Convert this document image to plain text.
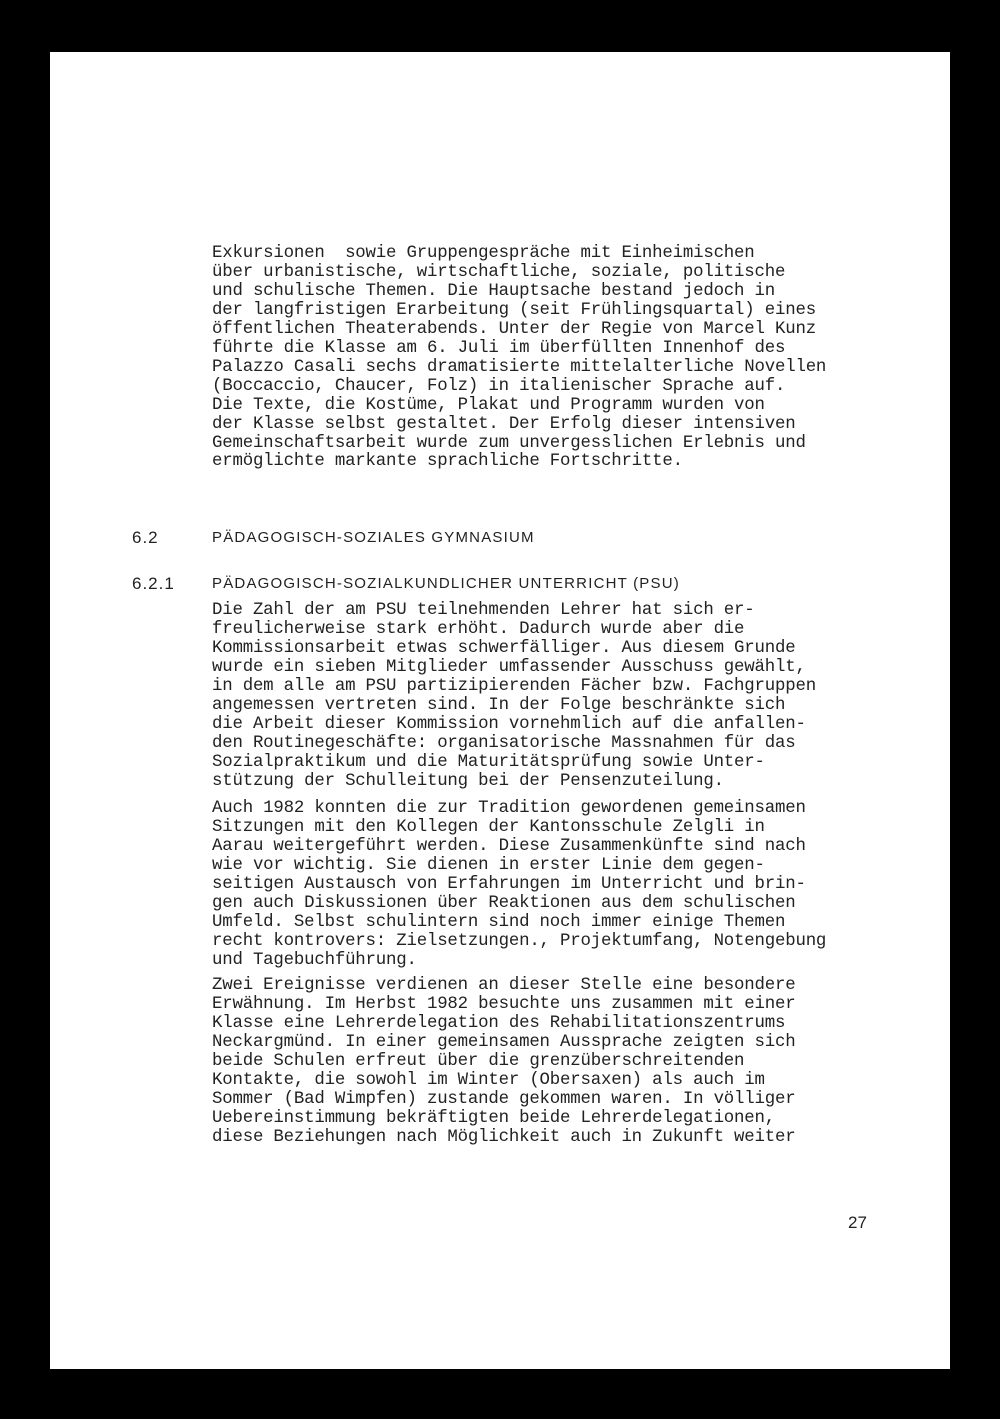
Exkursionen  sowie Gruppengespräche mit Einheimischen
über urbanistische, wirtschaftliche, soziale, politische
und schulische Themen. Die Hauptsache bestand jedoch in
der langfristigen Erarbeitung (seit Frühlingsquartal) eines
öffentlichen Theaterabends. Unter der Regie von Marcel Kunz
führte die Klasse am 6. Juli im überfüllten Innenhof des
Palazzo Casali sechs dramatisierte mittelalterliche Novellen
(Boccaccio, Chaucer, Folz) in italienischer Sprache auf.
Die Texte, die Kostüme, Plakat und Programm wurden von
der Klasse selbst gestaltet. Der Erfolg dieser intensiven
Gemeinschaftsarbeit wurde zum unvergesslichen Erlebnis und
ermöglichte markante sprachliche Fortschritte.
6.2	PÄDAGOGISCH-SOZIALES GYMNASIUM
6.2.1 PÄDAGOGISCH-SOZIALKUNDLICHER UNTERRICHT (PSU)
Die Zahl der am PSU teilnehmenden Lehrer hat sich er-
freulicherweise stark erhöht. Dadurch wurde aber die
Kommissionsarbeit etwas schwerfälliger. Aus diesem Grunde
wurde ein sieben Mitglieder umfassender Ausschuss gewählt,
in dem alle am PSU partizipierenden Fächer bzw. Fachgruppen
angemessen vertreten sind. In der Folge beschränkte sich
die Arbeit dieser Kommission vornehmlich auf die anfallen-
den Routinegeschäfte: organisatorische Massnahmen für das
Sozialpraktikum und die Maturitätsprüfung sowie Unter-
stützung der Schulleitung bei der Pensenzuteilung.
Auch 1982 konnten die zur Tradition gewordenen gemeinsamen
Sitzungen mit den Kollegen der Kantonsschule Zelgli in
Aarau weitergeführt werden. Diese Zusammenkünfte sind nach
wie vor wichtig. Sie dienen in erster Linie dem gegen-
seitigen Austausch von Erfahrungen im Unterricht und brin-
gen auch Diskussionen über Reaktionen aus dem schulischen
Umfeld. Selbst schulintern sind noch immer einige Themen
recht kontrovers: Zielsetzungen., Projektumfang, Notengebung
und Tagebuchführung.
Zwei Ereignisse verdienen an dieser Stelle eine besondere
Erwähnung. Im Herbst 1982 besuchte uns zusammen mit einer
Klasse eine Lehrerdelegation des Rehabilitationszentrums
Neckargmünd. In einer gemeinsamen Aussprache zeigten sich
beide Schulen erfreut über die grenzüberschreitenden
Kontakte, die sowohl im Winter (Obersaxen) als auch im
Sommer (Bad Wimpfen) zustande gekommen waren. In völliger
Uebereinstimmung bekräftigten beide Lehrerdelegationen,
diese Beziehungen nach Möglichkeit auch in Zukunft weiter
27
